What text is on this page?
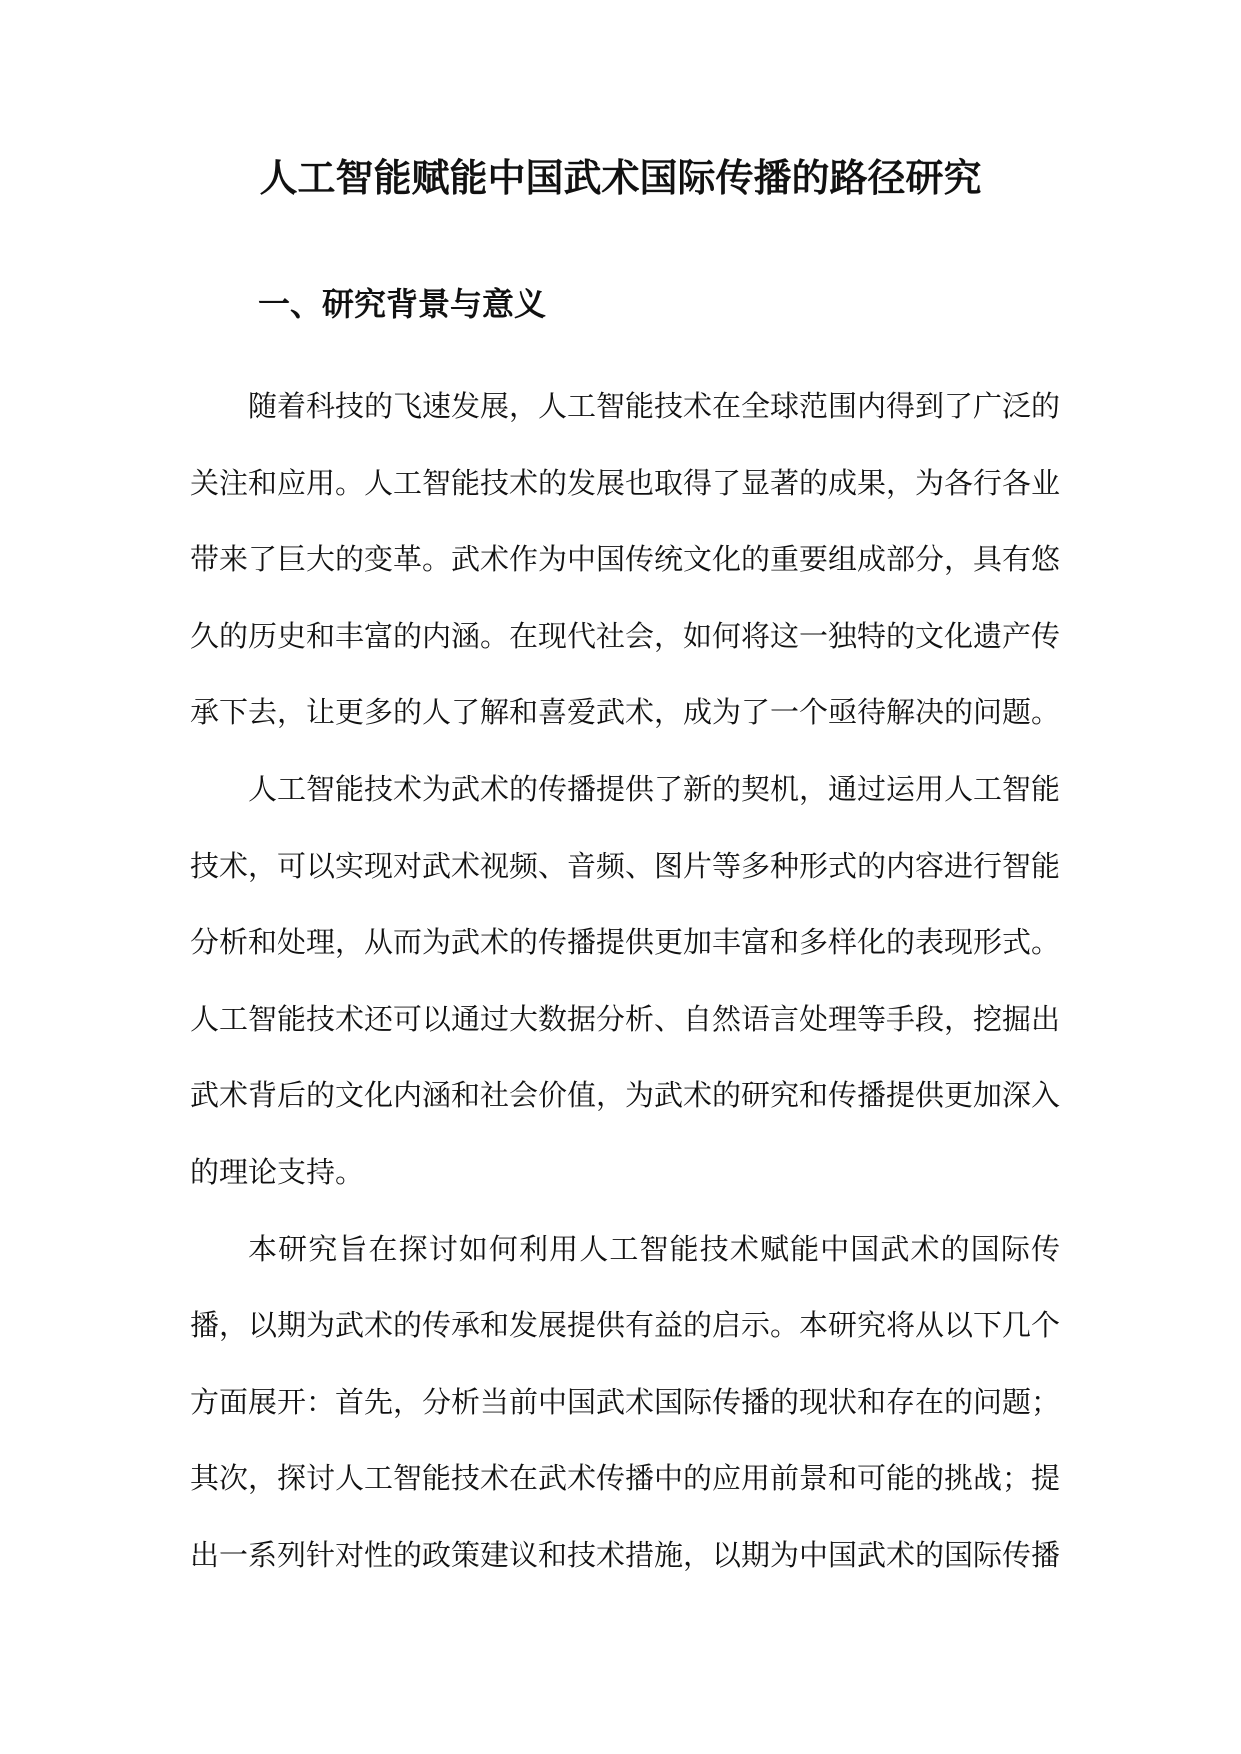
人工智能赋能中国武术国际传播的路径研究
一、研究背景与意义
随着科技的飞速发展，人工智能技术在全球范围内得到了广泛的
关注和应用。人工智能技术的发展也取得了显著的成果，为各行各业
带来了巨大的变革。武术作为中国传统文化的重要组成部分，具有悠
久的历史和丰富的内涵。在现代社会，如何将这一独特的文化遗产传
承下去，让更多的人了解和喜爱武术，成为了一个亟待解决的问题。
人工智能技术为武术的传播提供了新的契机，通过运用人工智能
技术，可以实现对武术视频、音频、图片等多种形式的内容进行智能
分析和处理，从而为武术的传播提供更加丰富和多样化的表现形式。
人工智能技术还可以通过大数据分析、自然语言处理等手段，挖掘出
武术背后的文化内涵和社会价值，为武术的研究和传播提供更加深入
的理论支持。
本研究旨在探讨如何利用人工智能技术赋能中国武术的国际传
播，以期为武术的传承和发展提供有益的启示。本研究将从以下几个
方面展开：首先，分析当前中国武术国际传播的现状和存在的问题；
其次，探讨人工智能技术在武术传播中的应用前景和可能的挑战；提
出一系列针对性的政策建议和技术措施，以期为中国武术的国际传播
